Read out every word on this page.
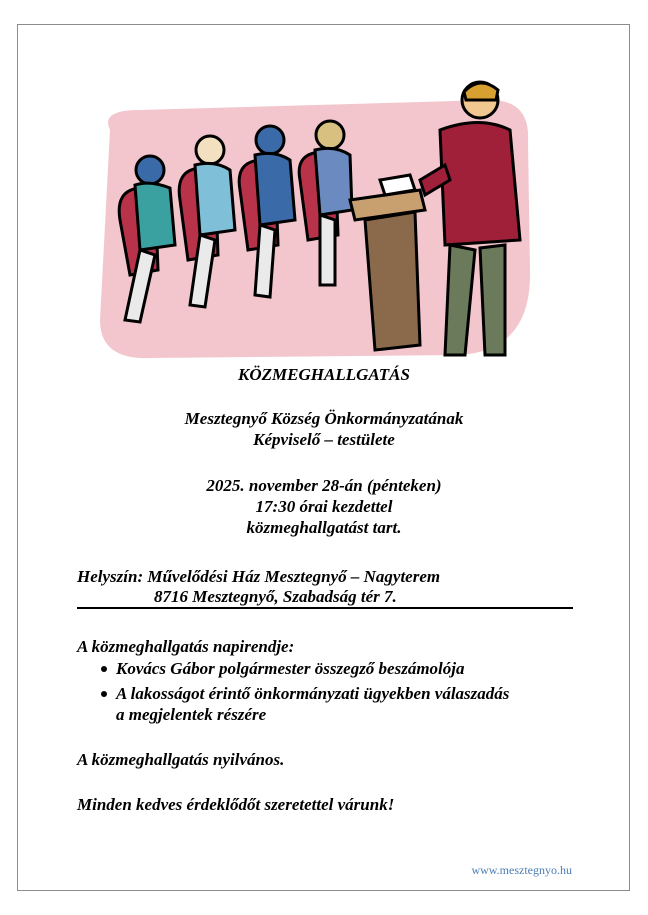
KÖZMEGHALLGATÁS
Mesztegnyő Község Önkormányzatának
Képviselő – testülete
2025. november 28-án (pénteken)
17:30 órai kezdettel
közmeghallgatást tart.
Helyszín: Művelődési Ház Mesztegnyő – Nagyterem
8716 Mesztegnyő, Szabadság tér 7.
A közmeghallgatás napirendje:
Kovács Gábor polgármester összegző beszámolója
A lakosságot érintő önkormányzati ügyekben válaszadás
a megjelentek részére
A közmeghallgatás nyilvános.
Minden kedves érdeklődőt szeretettel várunk!
www.mesztegnyo.hu
